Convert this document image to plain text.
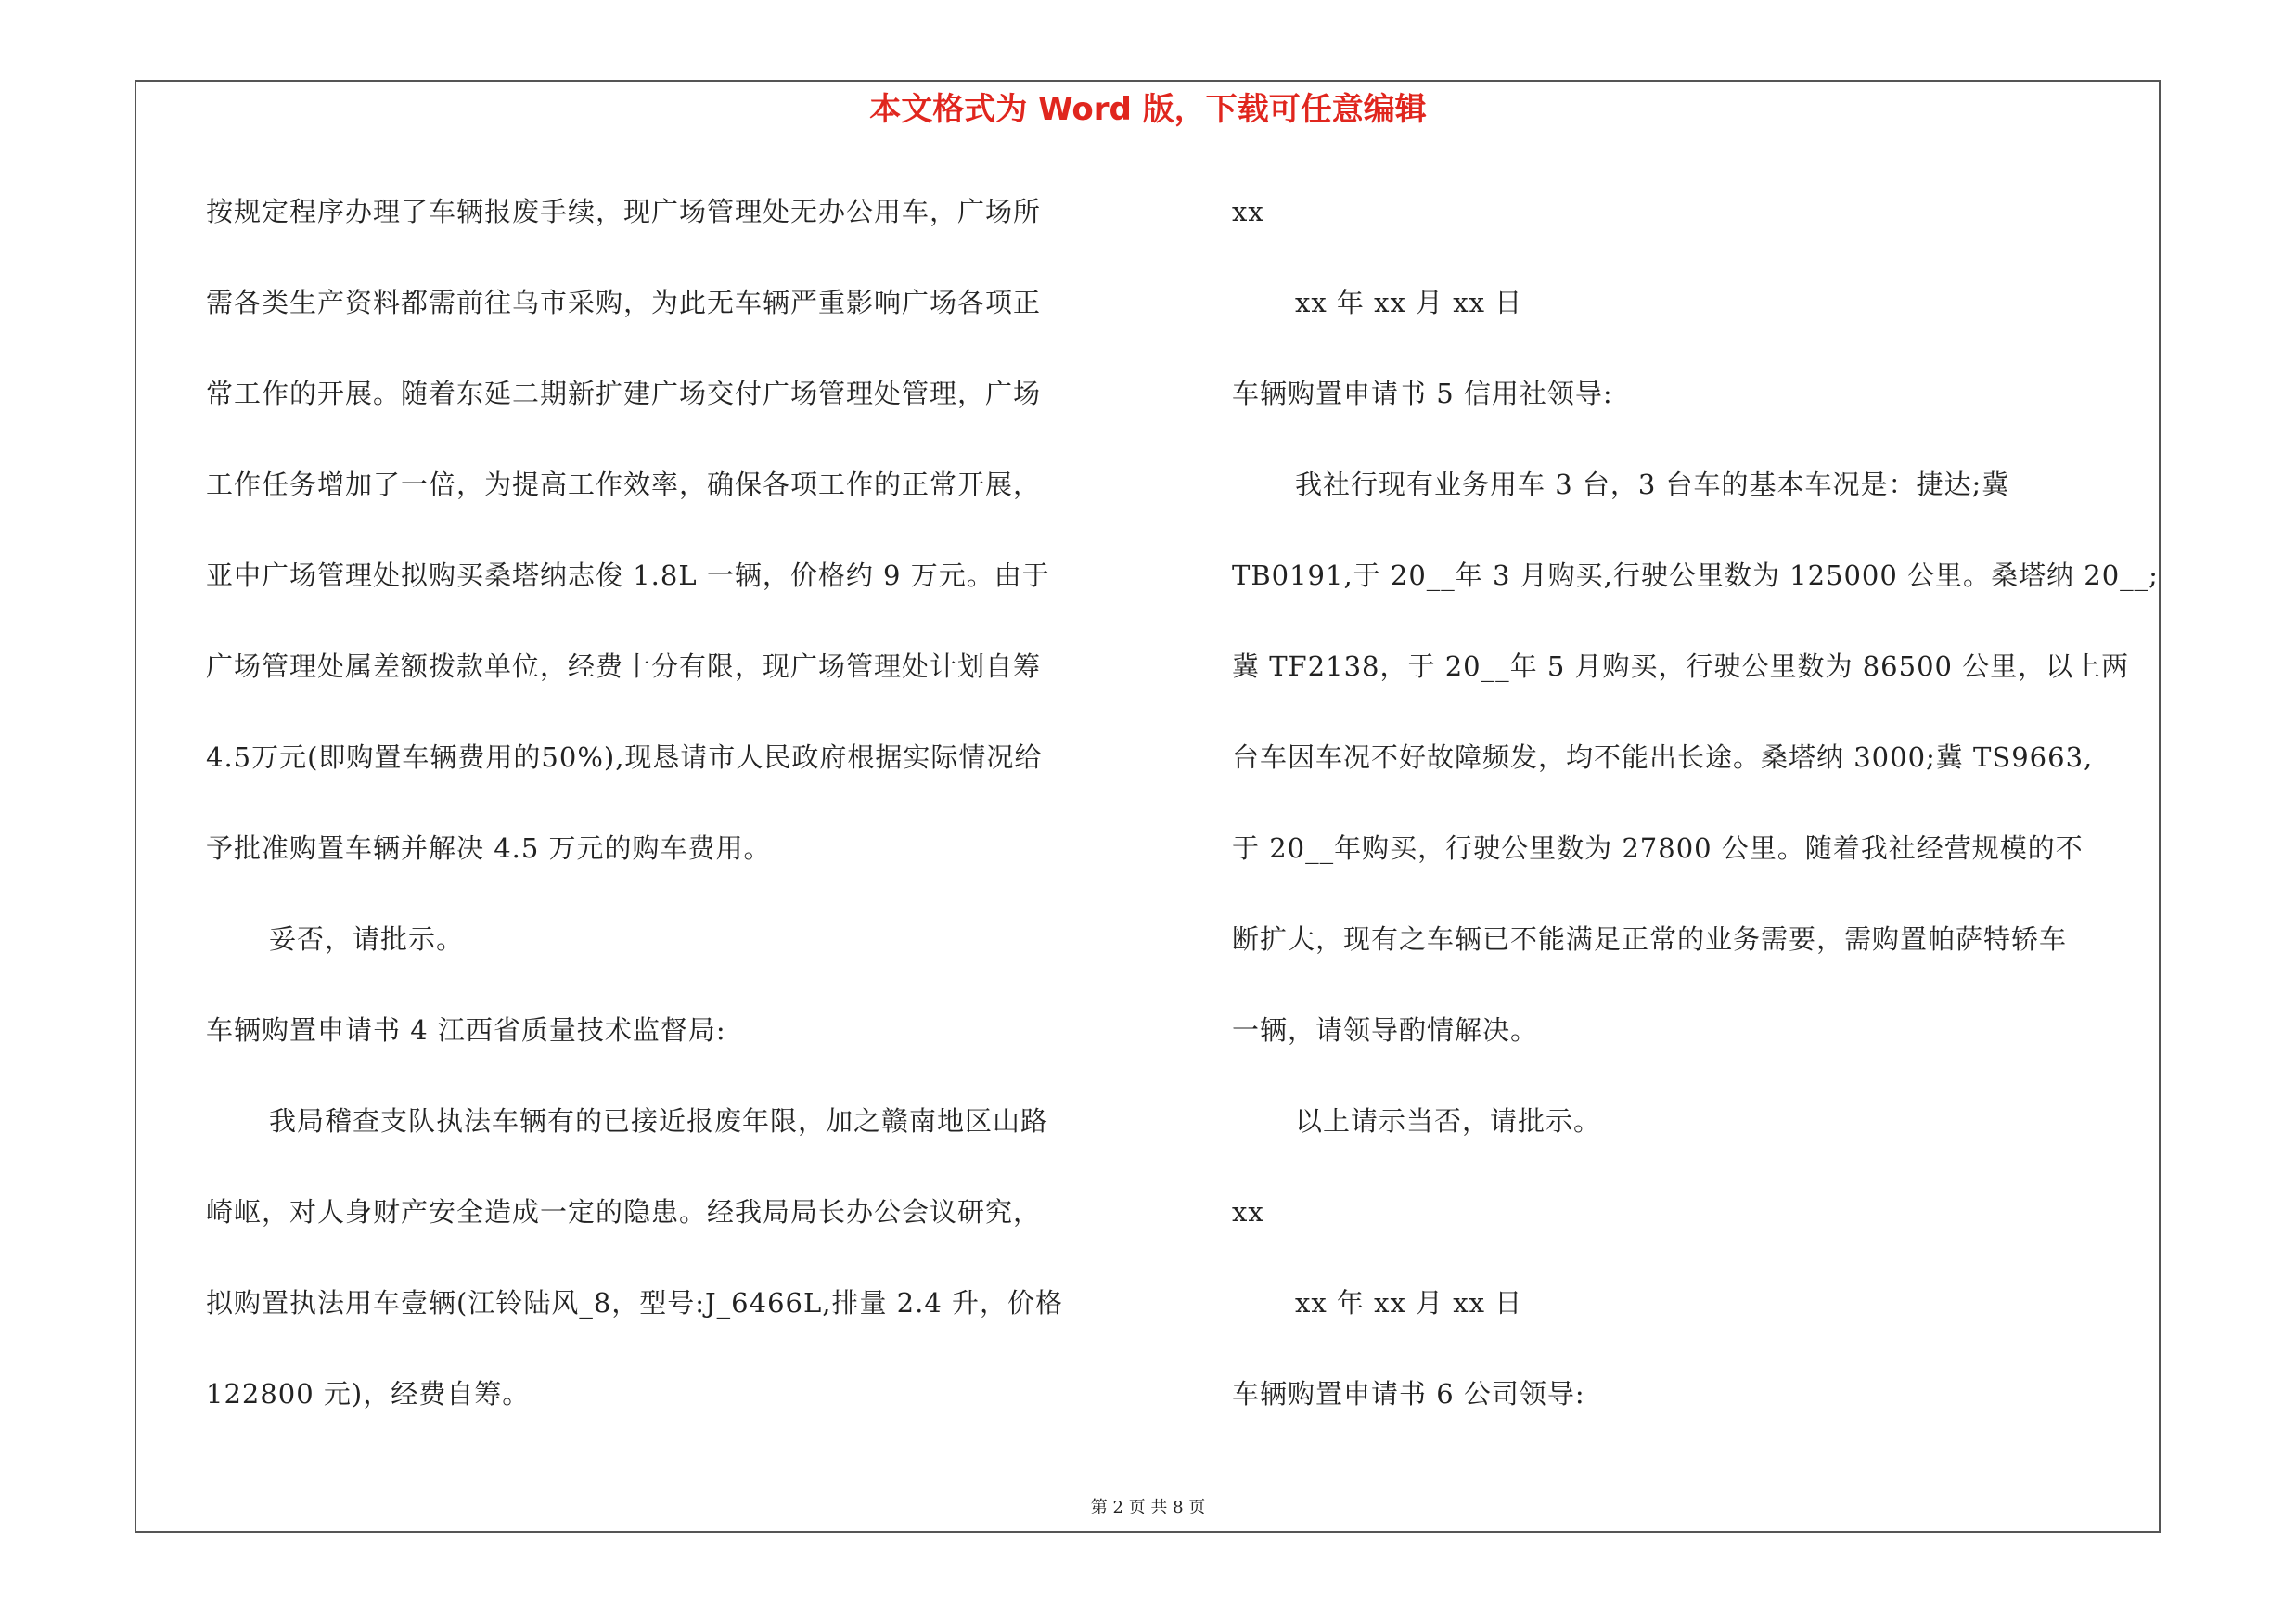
本文格式为 Word 版，下载可任意编辑
按规定程序办理了车辆报废手续，现广场管理处无办公用车，广场所
需各类生产资料都需前往乌市采购，为此无车辆严重影响广场各项正
常工作的开展。随着东延二期新扩建广场交付广场管理处管理，广场
工作任务增加了一倍，为提高工作效率，确保各项工作的正常开展，
亚中广场管理处拟购买桑塔纳志俊 1.8L 一辆，价格约 9 万元。由于
广场管理处属差额拨款单位，经费十分有限，现广场管理处计划自筹
4.5万元(即购置车辆费用的50%),现恳请市人民政府根据实际情况给
予批准购置车辆并解决 4.5 万元的购车费用。
妥否，请批示。
车辆购置申请书 4 江西省质量技术监督局:
我局稽查支队执法车辆有的已接近报废年限，加之赣南地区山路
崎岖，对人身财产安全造成一定的隐患。经我局局长办公会议研究，
拟购置执法用车壹辆(江铃陆风_8，型号:J_6466L,排量 2.4 升，价格
122800 元)，经费自筹。
xx
xx 年 xx 月 xx 日
车辆购置申请书 5 信用社领导:
我社行现有业务用车 3 台，3 台车的基本车况是：捷达;冀
TB0191,于 20__年 3 月购买,行驶公里数为 125000 公里。桑塔纳 20__;
冀 TF2138，于 20__年 5 月购买，行驶公里数为 86500 公里，以上两
台车因车况不好故障频发，均不能出长途。桑塔纳 3000;冀 TS9663,
于 20__年购买，行驶公里数为 27800 公里。随着我社经营规模的不
断扩大，现有之车辆已不能满足正常的业务需要，需购置帕萨特轿车
一辆，请领导酌情解决。
以上请示当否，请批示。
xx
xx 年 xx 月 xx 日
车辆购置申请书 6 公司领导:
第 2 页 共 8 页
